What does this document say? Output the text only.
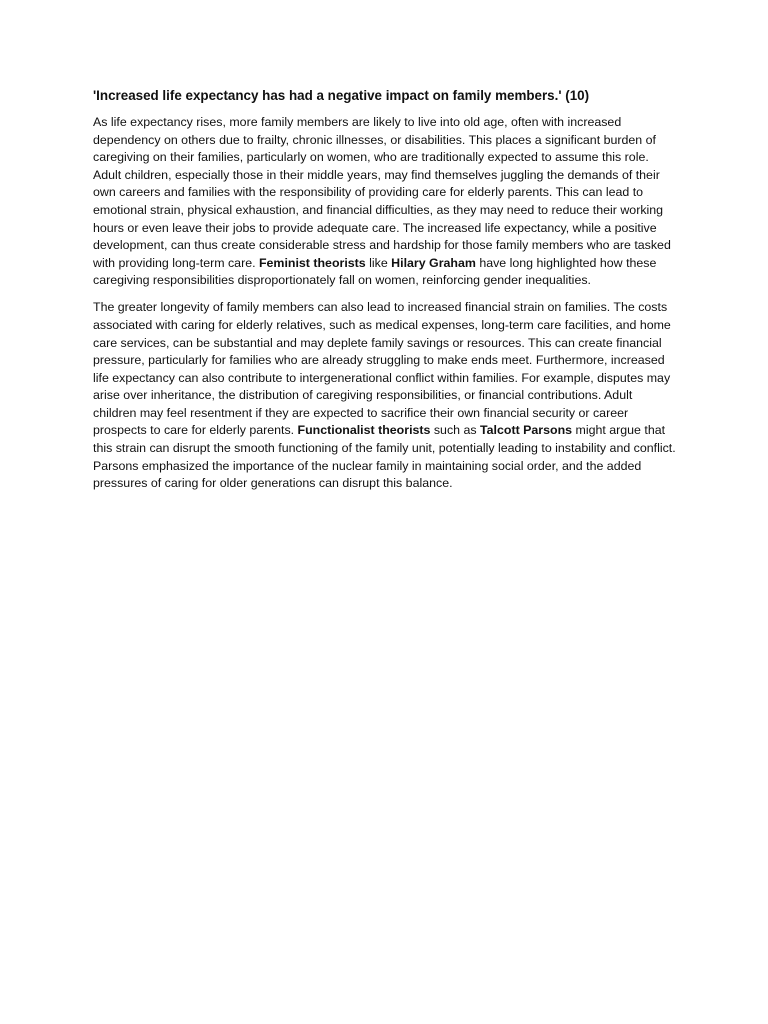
'Increased life expectancy has had a negative impact on family members.' (10)

As life expectancy rises, more family members are likely to live into old age, often with increased dependency on others due to frailty, chronic illnesses, or disabilities. This places a significant burden of caregiving on their families, particularly on women, who are traditionally expected to assume this role. Adult children, especially those in their middle years, may find themselves juggling the demands of their own careers and families with the responsibility of providing care for elderly parents. This can lead to emotional strain, physical exhaustion, and financial difficulties, as they may need to reduce their working hours or even leave their jobs to provide adequate care. The increased life expectancy, while a positive development, can thus create considerable stress and hardship for those family members who are tasked with providing long-term care. Feminist theorists like Hilary Graham have long highlighted how these caregiving responsibilities disproportionately fall on women, reinforcing gender inequalities.

The greater longevity of family members can also lead to increased financial strain on families. The costs associated with caring for elderly relatives, such as medical expenses, long-term care facilities, and home care services, can be substantial and may deplete family savings or resources. This can create financial pressure, particularly for families who are already struggling to make ends meet. Furthermore, increased life expectancy can also contribute to intergenerational conflict within families. For example, disputes may arise over inheritance, the distribution of caregiving responsibilities, or financial contributions. Adult children may feel resentment if they are expected to sacrifice their own financial security or career prospects to care for elderly parents. Functionalist theorists such as Talcott Parsons might argue that this strain can disrupt the smooth functioning of the family unit, potentially leading to instability and conflict. Parsons emphasized the importance of the nuclear family in maintaining social order, and the added pressures of caring for older generations can disrupt this balance.
